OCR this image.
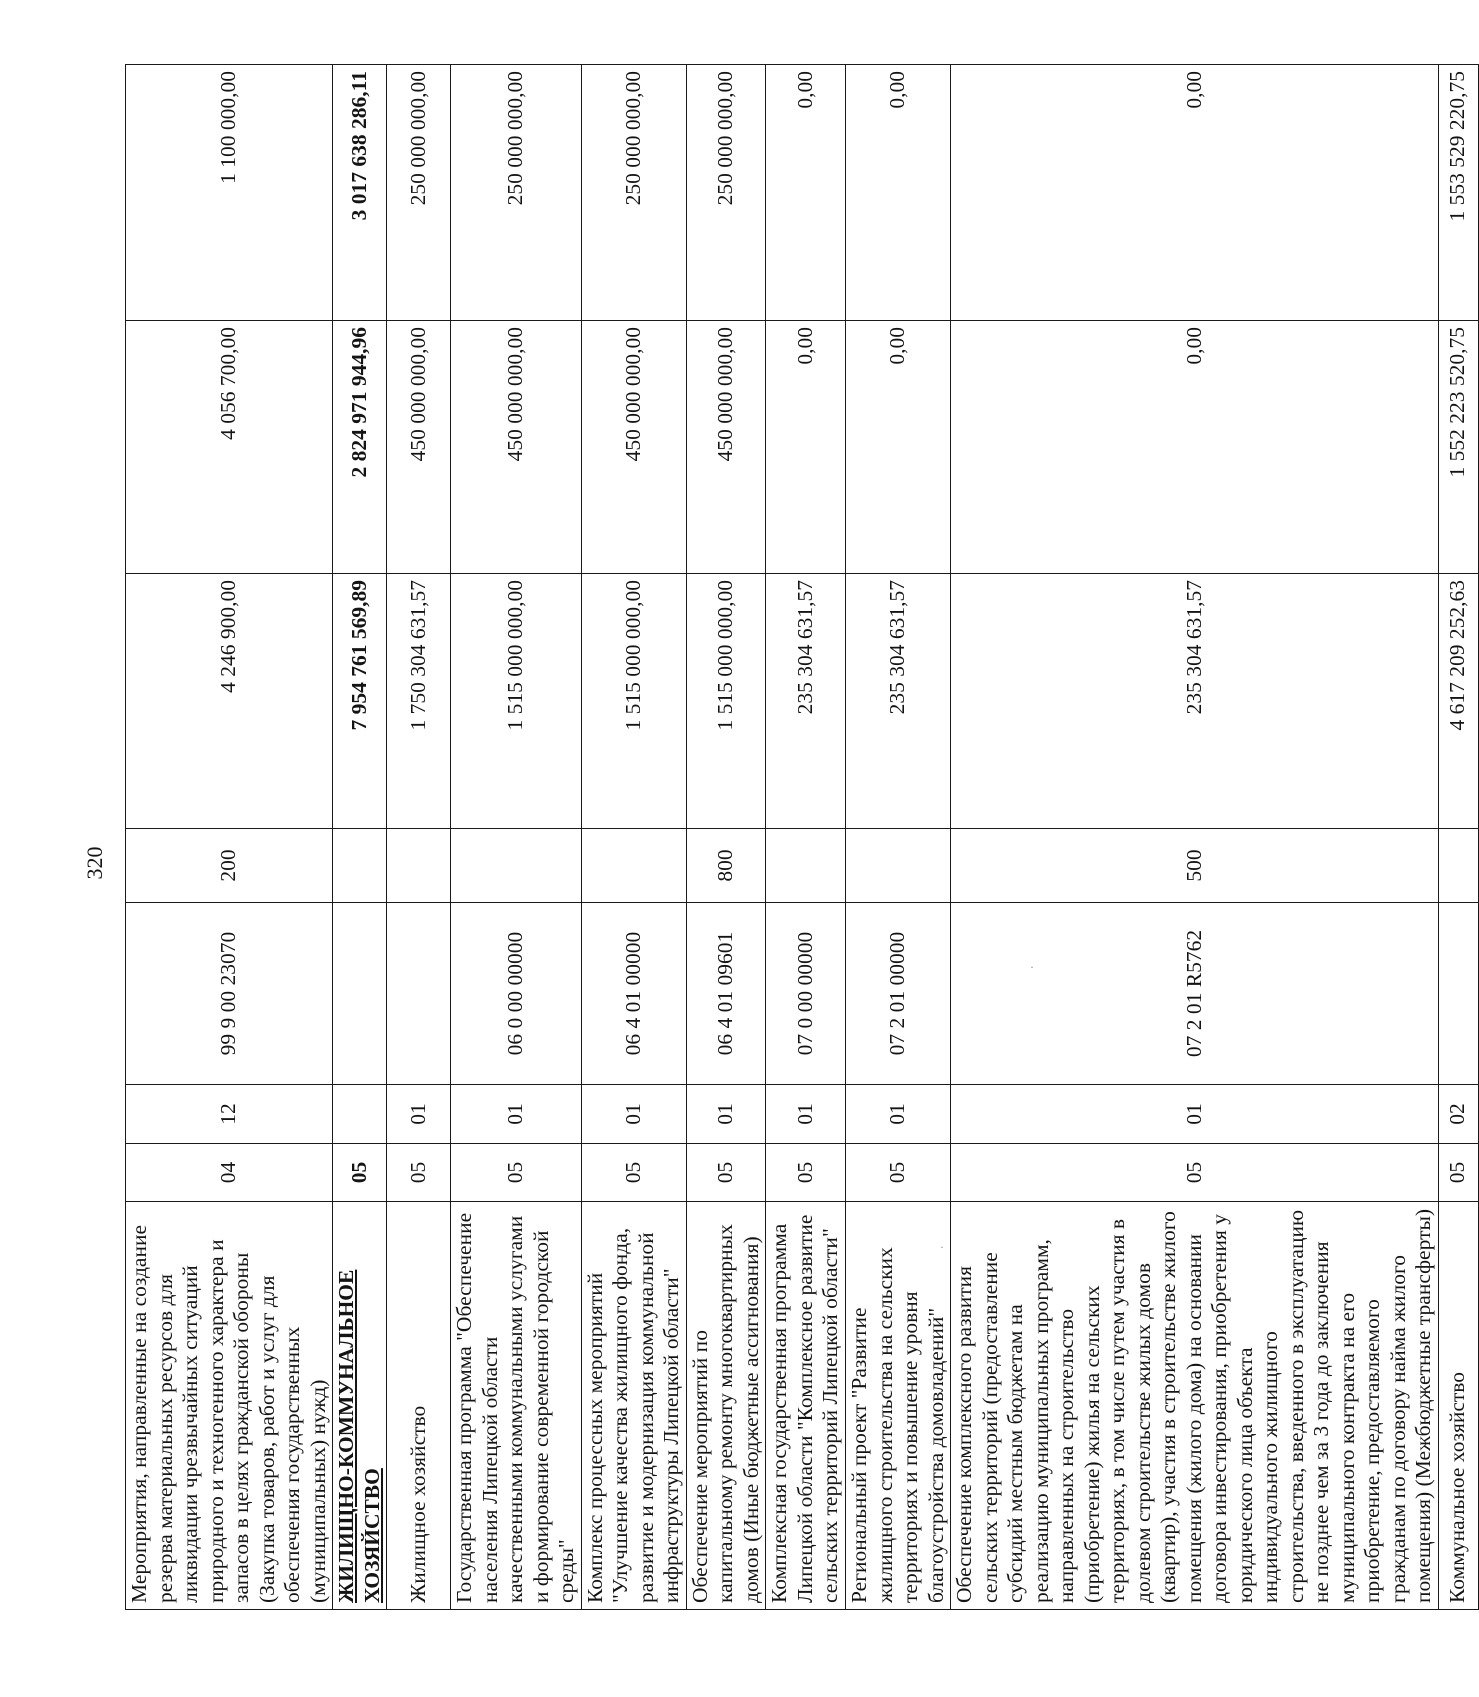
320
Мероприятия, направленные на создание резерва материальных ресурсов для ликвидации чрезвычайных ситуаций природного и техногенного характера и запасов в целях гражданской обороны (Закупка товаров, работ и услуг для обеспечения государственных (муниципальных) нужд)	04	12	99 9 00 23070	200	4 246 900,00	4 056 700,00	1 100 000,00
ЖИЛИЩНО-КОММУНАЛЬНОЕ ХОЗЯЙСТВО	05				7 954 761 569,89	2 824 971 944,96	3 017 638 286,11
Жилищное хозяйство	05	01			1 750 304 631,57	450 000 000,00	250 000 000,00
Государственная программа "Обеспечение населения Липецкой области качественными коммунальными услугами и формирование современной городской среды"	05	01	06 0 00 00000		1 515 000 000,00	450 000 000,00	250 000 000,00
Комплекс процессных мероприятий "Улучшение качества жилищного фонда, развитие и модернизация коммунальной инфраструктуры Липецкой области"	05	01	06 4 01 00000		1 515 000 000,00	450 000 000,00	250 000 000,00
Обеспечение мероприятий по капитальному ремонту многоквартирных домов (Иные бюджетные ассигнования)	05	01	06 4 01 09601	800	1 515 000 000,00	450 000 000,00	250 000 000,00
Комплексная государственная программа Липецкой области "Комплексное развитие сельских территорий Липецкой области"	05	01	07 0 00 00000		235 304 631,57	0,00	0,00
Региональный проект "Развитие жилищного строительства на сельских территориях и повышение уровня благоустройства домовладений"	05	01	07 2 01 00000		235 304 631,57	0,00	0,00
Обеспечение комплексного развития сельских территорий (предоставление субсидий местным бюджетам на реализацию муниципальных программ, направленных на строительство (приобретение) жилья на сельских территориях, в том числе путем участия в долевом строительстве жилых домов (квартир), участия в строительстве жилого помещения (жилого дома) на основании договора инвестирования, приобретения у юридического лица объекта индивидуального жилищного строительства, введенного в эксплуатацию не позднее чем за 3 года до заключения муниципального контракта на его приобретение, предоставляемого гражданам по договору найма жилого помещения) (Межбюджетные трансферты)	05	01	07 2 01 R5762	500	235 304 631,57	0,00	0,00
Коммунальное хозяйство	05	02			4 617 209 252,63	1 552 223 520,75	1 553 529 220,75
·
·
